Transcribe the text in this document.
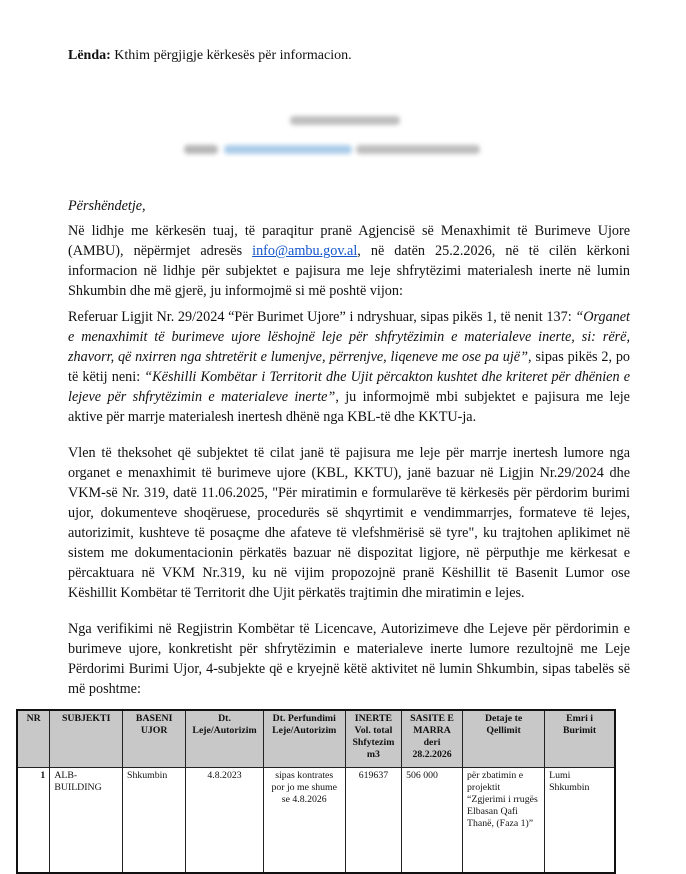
Lënda: Kthim përgjigje kërkesës për informacion.

Përshëndetje,

Në lidhje me kërkesën tuaj, të paraqitur pranë Agjencisë së Menaxhimit të Burimeve Ujore (AMBU), nëpërmjet adresës info@ambu.gov.al, në datën 25.2.2026, në të cilën kërkoni informacion në lidhje për subjektet e pajisura me leje shfrytëzimi materialesh inerte në lumin Shkumbin dhe më gjerë, ju informojmë si më poshtë vijon:

Referuar Ligjit Nr. 29/2024 “Për Burimet Ujore” i ndryshuar, sipas pikës 1, të nenit 137: “Organet e menaxhimit të burimeve ujore lëshojnë leje për shfrytëzimin e materialeve inerte, si: rërë, zhavorr, që nxirren nga shtretërit e lumenjve, përrenjve, liqeneve me ose pa ujë”, sipas pikës 2, po të këtij neni: “Këshilli Kombëtar i Territorit dhe Ujit përcakton kushtet dhe kriteret për dhënien e lejeve për shfrytëzimin e materialeve inerte”, ju informojmë mbi subjektet e pajisura me leje aktive për marrje materialesh inertesh dhënë nga KBL-të dhe KKTU-ja.

Vlen të theksohet që subjektet të cilat janë të pajisura me leje për marrje inertesh lumore nga organet e menaxhimit të burimeve ujore (KBL, KKTU), janë bazuar në Ligjin Nr.29/2024 dhe VKM-së Nr. 319, datë 11.06.2025, "Për miratimin e formularëve të kërkesës për përdorim burimi ujor, dokumenteve shoqëruese, procedurës së shqyrtimit e vendimmarrjes, formateve të lejes, autorizimit, kushteve të posaçme dhe afateve të vlefshmërisë së tyre", ku trajtohen aplikimet në sistem me dokumentacionin përkatës bazuar në dispozitat ligjore, në përputhje me kërkesat e përcaktuara në VKM Nr.319, ku në vijim propozojnë pranë Këshillit të Basenit Lumor ose Këshillit Kombëtar të Territorit dhe Ujit përkatës trajtimin dhe miratimin e lejes.

Nga verifikimi në Regjistrin Kombëtar të Licencave, Autorizimeve dhe Lejeve për përdorimin e burimeve ujore, konkretisht për shfrytëzimin e materialeve inerte lumore rezultojnë me Leje Përdorimi Burimi Ujor, 4-subjekte që e kryejnë këtë aktivitet në lumin Shkumbin, sipas tabelës së më poshtme:

NR	SUBJEKTI	BASENI UJOR	Dt. Leje/Autorizim	Dt. Perfundimi Leje/Autorizim	INERTE Vol. total Shfytezim m3	SASITE E MARRA deri 28.2.2026	Detaje te Qellimit	Emri i Burimit
1	ALB-BUILDING	Shkumbin	4.8.2023	sipas kontrates por jo me shume se 4.8.2026	619637	506 000	për zbatimin e projektit “Zgjerimi i rrugës Elbasan Qafi Thanë, (Faza 1)”	Lumi Shkumbin
